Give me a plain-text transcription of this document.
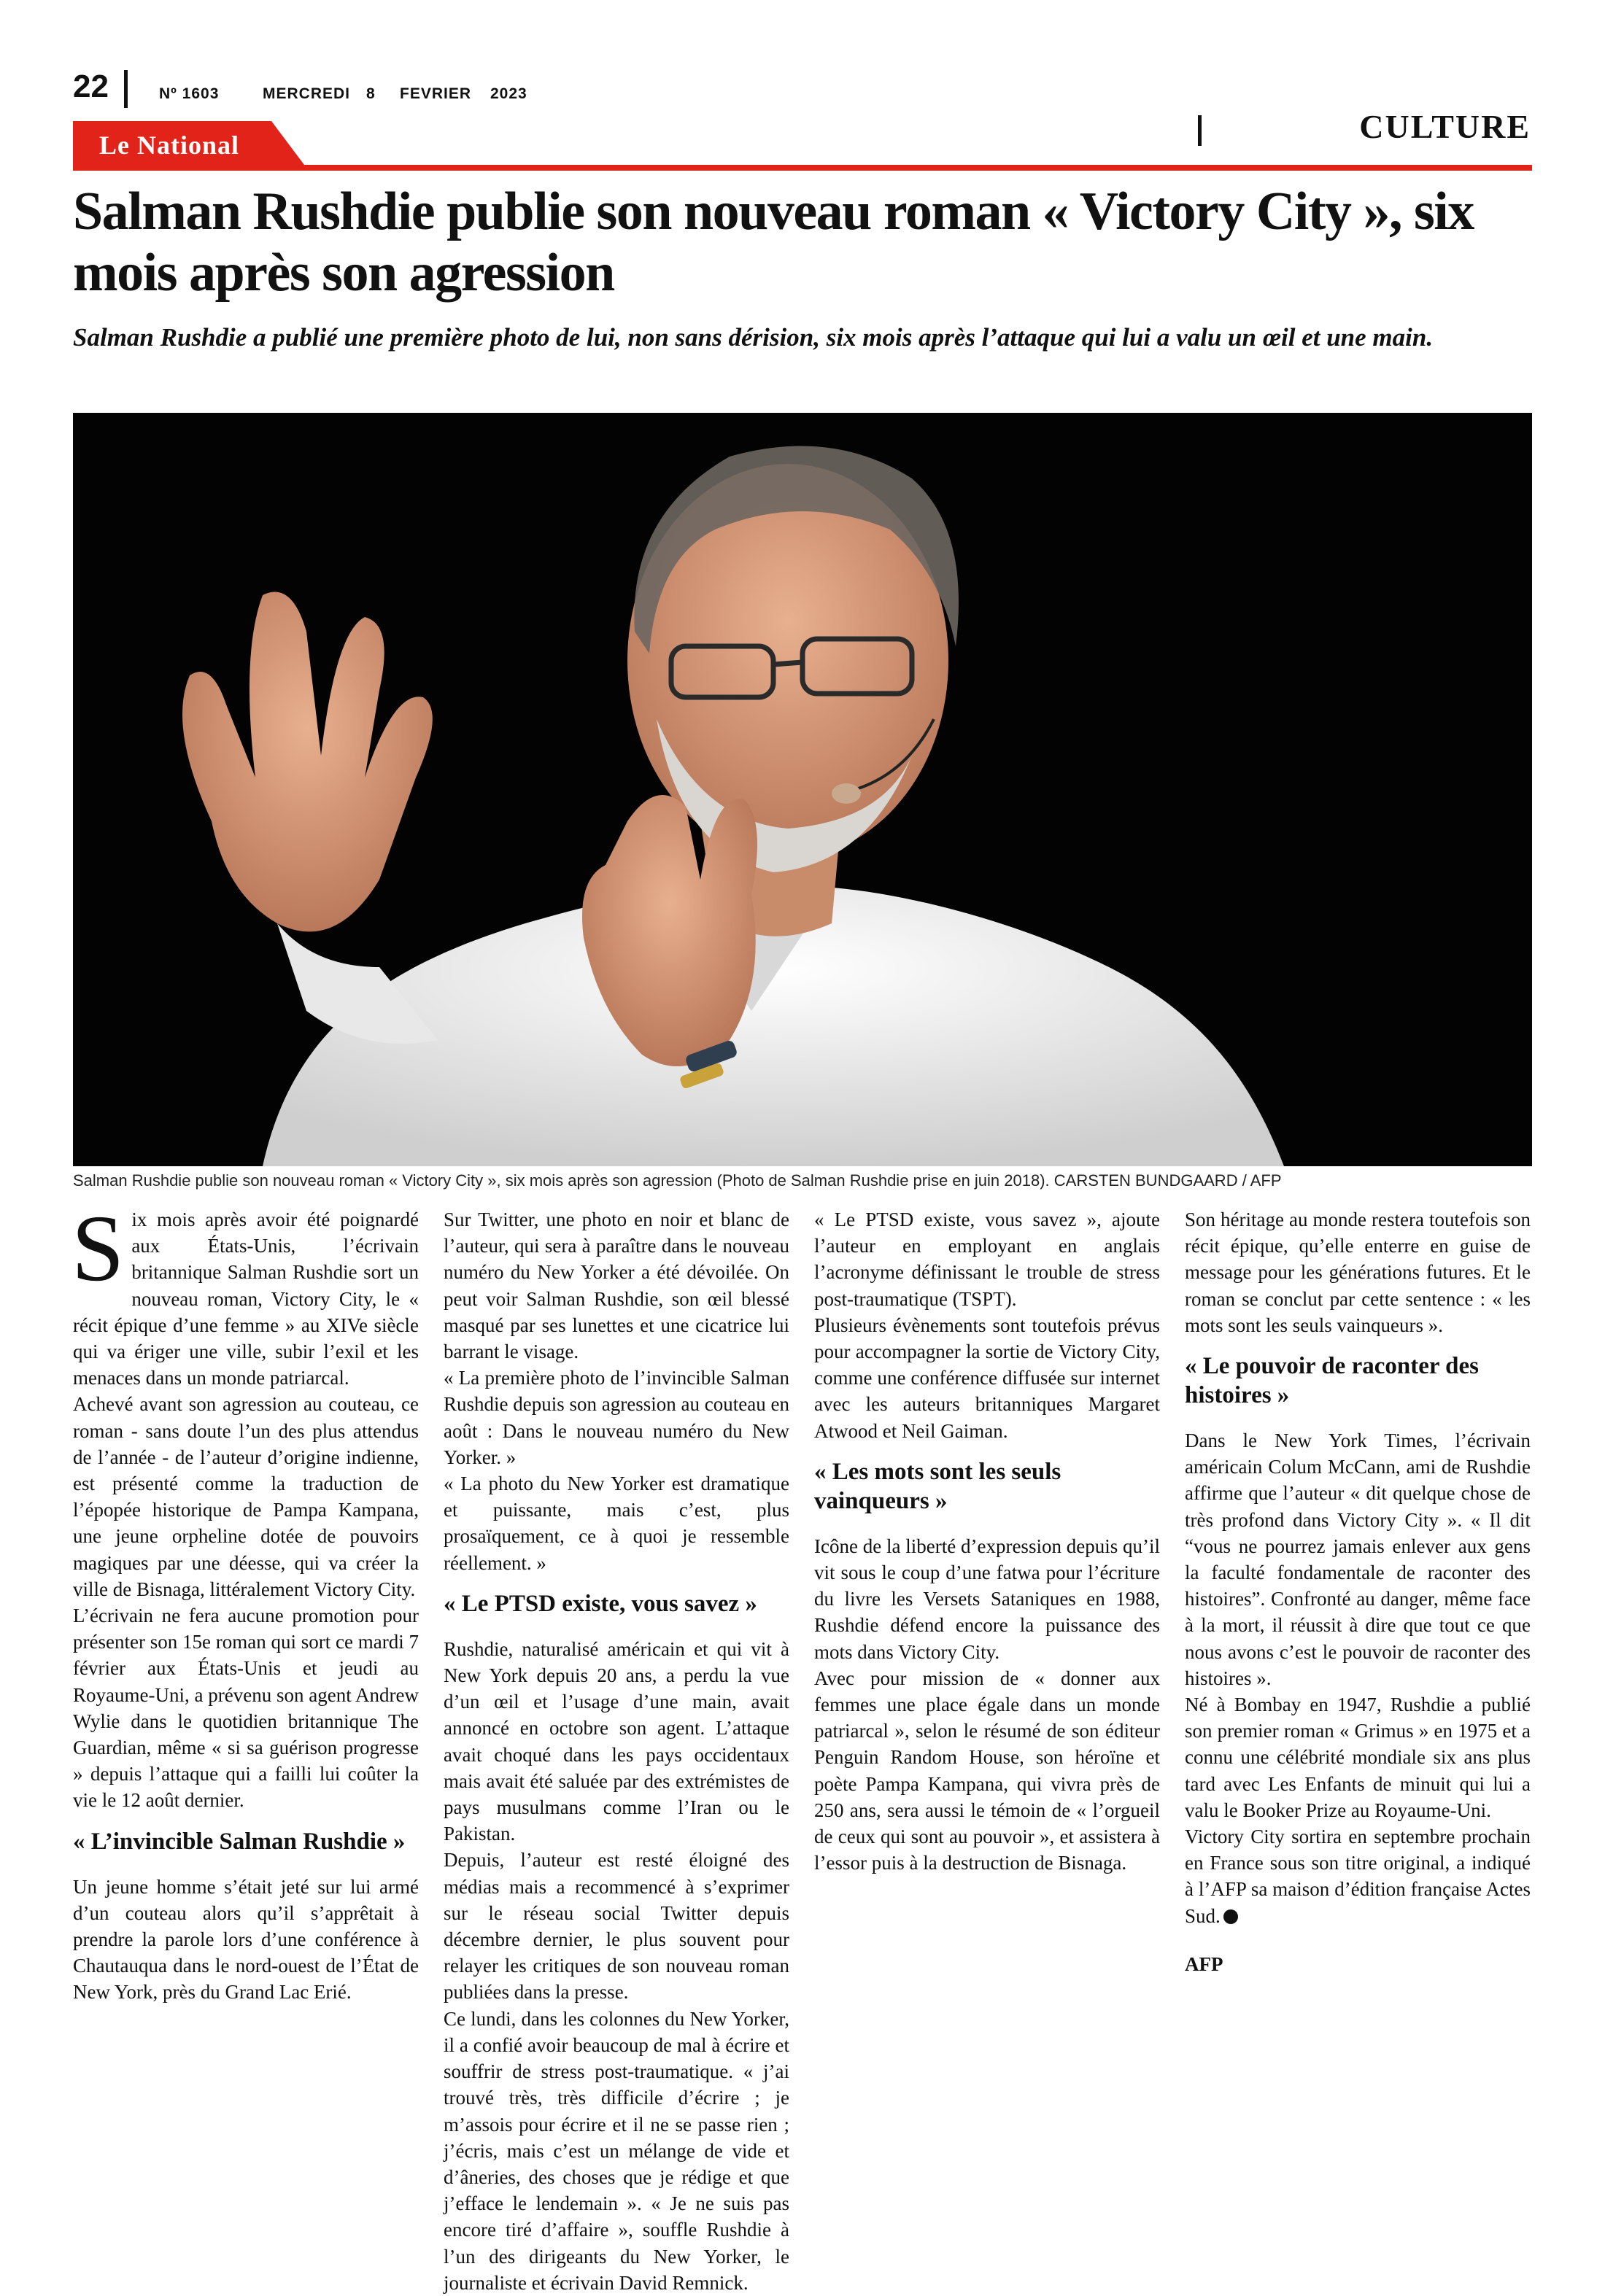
22	Nº 1603	MERCREDI 8 FEVRIER 2023
Le National	CULTURE
Salman Rushdie publie son nouveau roman « Victory City », six mois après son agression

Salman Rushdie a publié une première photo de lui, non sans dérision, six mois après l’attaque qui lui a valu un œil et une main.

Salman Rushdie publie son nouveau roman « Victory City », six mois après son agression (Photo de Salman Rushdie prise en juin 2018). CARSTEN BUNDGAARD / AFP

Six mois après avoir été poignardé aux États-Unis, l’écrivain britannique Salman Rushdie sort un nouveau roman, Victory City, le « récit épique d’une femme » au XIVe siècle qui va ériger une ville, subir l’exil et les menaces dans un monde patriarcal.

Achevé avant son agression au couteau, ce roman - sans doute l’un des plus attendus de l’année - de l’auteur d’origine indienne, est présenté comme la traduction de l’épopée historique de Pampa Kampana, une jeune orpheline dotée de pouvoirs magiques par une déesse, qui va créer la ville de Bisnaga, littéralement Victory City.

L’écrivain ne fera aucune promotion pour présenter son 15e roman qui sort ce mardi 7 février aux États-Unis et jeudi au Royaume-Uni, a prévenu son agent Andrew Wylie dans le quotidien britannique The Guardian, même « si sa guérison progresse » depuis l’attaque qui a failli lui coûter la vie le 12 août dernier.

« L’invincible Salman Rushdie »

Un jeune homme s’était jeté sur lui armé d’un couteau alors qu’il s’apprêtait à prendre la parole lors d’une conférence à Chautauqua dans le nord-ouest de l’État de New York, près du Grand Lac Erié.

Sur Twitter, une photo en noir et blanc de l’auteur, qui sera à paraître dans le nouveau numéro du New Yorker a été dévoilée. On peut voir Salman Rushdie, son œil blessé masqué par ses lunettes et une cicatrice lui barrant le visage.

« La première photo de l’invincible Salman Rushdie depuis son agression au couteau en août : Dans le nouveau numéro du New Yorker. »

« La photo du New Yorker est dramatique et puissante, mais c’est, plus prosaïquement, ce à quoi je ressemble réellement. »

« Le PTSD existe, vous savez »

Rushdie, naturalisé américain et qui vit à New York depuis 20 ans, a perdu la vue d’un œil et l’usage d’une main, avait annoncé en octobre son agent. L’attaque avait choqué dans les pays occidentaux mais avait été saluée par des extrémistes de pays musulmans comme l’Iran ou le Pakistan.

Depuis, l’auteur est resté éloigné des médias mais a recommencé à s’exprimer sur le réseau social Twitter depuis décembre dernier, le plus souvent pour relayer les critiques de son nouveau roman publiées dans la presse.

Ce lundi, dans les colonnes du New Yorker, il a confié avoir beaucoup de mal à écrire et souffrir de stress post-traumatique. « j’ai trouvé très, très difficile d’écrire ; je m’assois pour écrire et il ne se passe rien ; j’écris, mais c’est un mélange de vide et d’âneries, des choses que je rédige et que j’efface le lendemain ». « Je ne suis pas encore tiré d’affaire », souffle Rushdie à l’un des dirigeants du New Yorker, le journaliste et écrivain David Remnick.

« Le PTSD existe, vous savez », ajoute l’auteur en employant en anglais l’acronyme définissant le trouble de stress post-traumatique (TSPT).

Plusieurs évènements sont toutefois prévus pour accompagner la sortie de Victory City, comme une conférence diffusée sur internet avec les auteurs britanniques Margaret Atwood et Neil Gaiman.

« Les mots sont les seuls vainqueurs »

Icône de la liberté d’expression depuis qu’il vit sous le coup d’une fatwa pour l’écriture du livre les Versets Sataniques en 1988, Rushdie défend encore la puissance des mots dans Victory City.

Avec pour mission de « donner aux femmes une place égale dans un monde patriarcal », selon le résumé de son éditeur Penguin Random House, son héroïne et poète Pampa Kampana, qui vivra près de 250 ans, sera aussi le témoin de « l’orgueil de ceux qui sont au pouvoir », et assistera à l’essor puis à la destruction de Bisnaga.

Son héritage au monde restera toutefois son récit épique, qu’elle enterre en guise de message pour les générations futures. Et le roman se conclut par cette sentence : « les mots sont les seuls vainqueurs ».

« Le pouvoir de raconter des histoires »

Dans le New York Times, l’écrivain américain Colum McCann, ami de Rushdie affirme que l’auteur « dit quelque chose de très profond dans Victory City ». « Il dit “vous ne pourrez jamais enlever aux gens la faculté fondamentale de raconter des histoires”. Confronté au danger, même face à la mort, il réussit à dire que tout ce que nous avons c’est le pouvoir de raconter des histoires ».

Né à Bombay en 1947, Rushdie a publié son premier roman « Grimus » en 1975 et a connu une célébrité mondiale six ans plus tard avec Les Enfants de minuit qui lui a valu le Booker Prize au Royaume-Uni.

Victory City sortira en septembre prochain en France sous son titre original, a indiqué à l’AFP sa maison d’édition française Actes Sud.

AFP
